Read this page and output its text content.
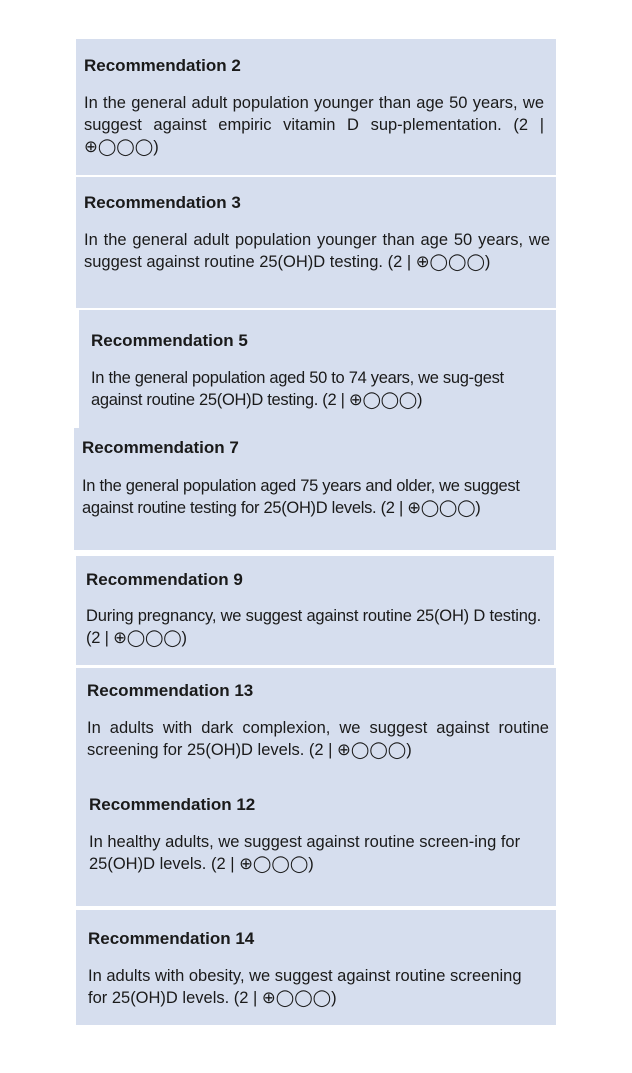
Recommendation 2

In the general adult population younger than age 50 years, we suggest against empiric vitamin D sup-plementation. (2 | ⊕◯◯◯)

Recommendation 3

In the general adult population younger than age 50 years, we suggest against routine 25(OH)D testing. (2 | ⊕◯◯◯)

Recommendation 5

In the general population aged 50 to 74 years, we sug-gest against routine 25(OH)D testing. (2 | ⊕◯◯◯)

Recommendation 7

In the general population aged 75 years and older, we suggest against routine testing for 25(OH)D levels. (2 | ⊕◯◯◯)

Recommendation 9

During pregnancy, we suggest against routine 25(OH) D testing. (2 | ⊕◯◯◯)

Recommendation 13

In adults with dark complexion, we suggest against routine screening for 25(OH)D levels. (2 | ⊕◯◯◯)

Recommendation 12

In healthy adults, we suggest against routine screen-ing for 25(OH)D levels. (2 | ⊕◯◯◯)

Recommendation 14

In adults with obesity, we suggest against routine screening for 25(OH)D levels. (2 | ⊕◯◯◯)
